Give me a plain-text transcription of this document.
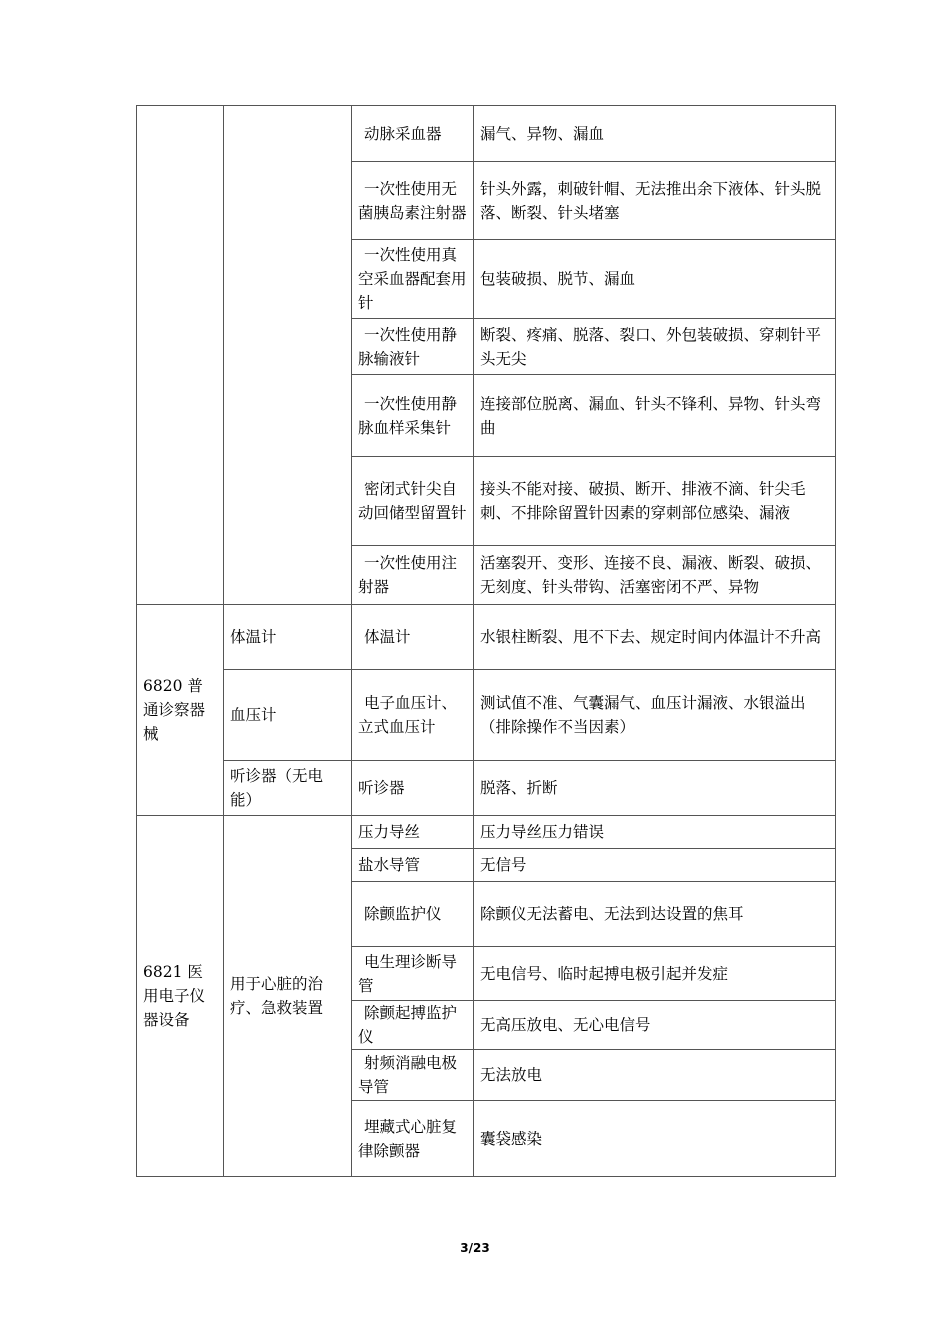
		动脉采血器	漏气、异物、漏血
		一次性使用无菌胰岛素注射器	针头外露，刺破针帽、无法推出余下液体、针头脱落、断裂、针头堵塞
		一次性使用真空采血器配套用针	包装破损、脱节、漏血
		一次性使用静脉输液针	断裂、疼痛、脱落、裂口、外包装破损、穿刺针平头无尖
		一次性使用静脉血样采集针	连接部位脱离、漏血、针头不锋利、异物、针头弯曲
		密闭式针尖自动回储型留置针	接头不能对接、破损、断开、排液不滴、针尖毛刺、不排除留置针因素的穿刺部位感染、漏液
		一次性使用注射器	活塞裂开、变形、连接不良、漏液、断裂、破损、无刻度、针头带钩、活塞密闭不严、异物
6820 普通诊察器械	体温计	体温计	水银柱断裂、甩不下去、规定时间内体温计不升高
	血压计	电子血压计、立式血压计	测试值不准、气囊漏气、血压计漏液、水银溢出（排除操作不当因素）
	听诊器（无电能）	听诊器	脱落、折断
6821 医用电子仪器设备	用于心脏的治疗、急救装置	压力导丝	压力导丝压力错误
		盐水导管	无信号
		除颤监护仪	除颤仪无法蓄电、无法到达设置的焦耳
		电生理诊断导管	无电信号、临时起搏电极引起并发症
		除颤起搏监护仪	无高压放电、无心电信号
		射频消融电极导管	无法放电
		埋藏式心脏复律除颤器	囊袋感染
3/23
